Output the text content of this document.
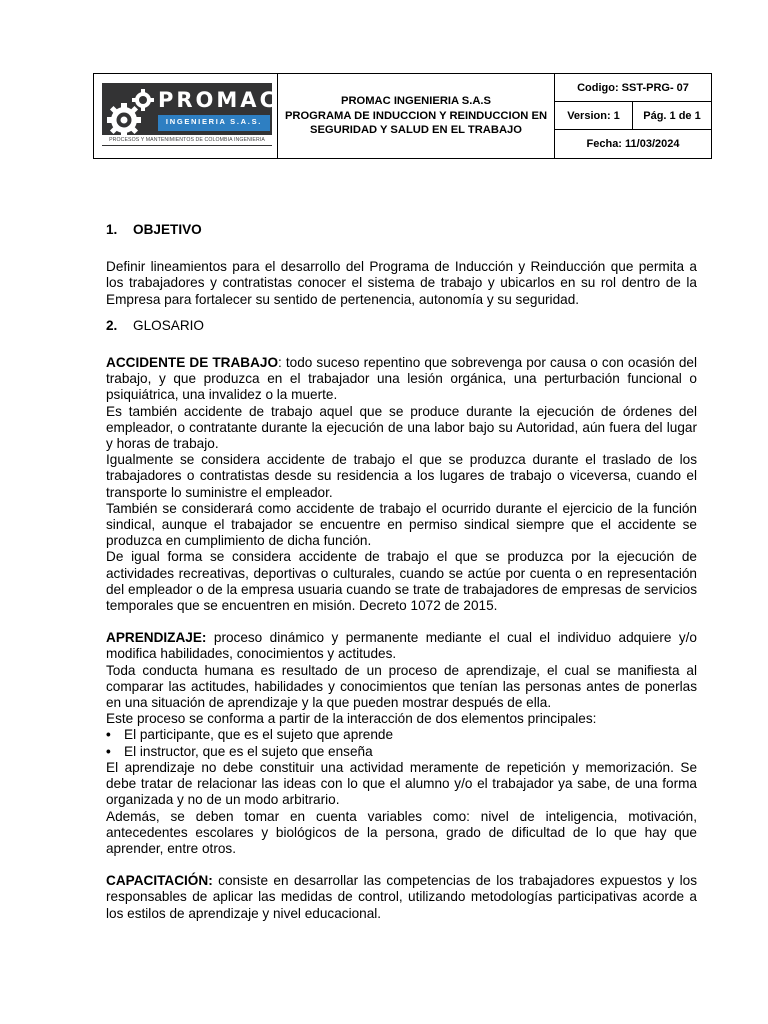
PROMAC
INGENIERIA S.A.S.
PROCESOS Y MANTENIMIENTOS DE COLOMBIA INGENIERIA
PROMAC INGENIERIA S.A.S
PROGRAMA DE INDUCCION Y REINDUCCION EN
SEGURIDAD Y SALUD EN EL TRABAJO
Codigo: SST-PRG- 07
Version: 1	Pág. 1 de 1
Fecha: 11/03/2024
1. OBJETIVO

Definir lineamientos para el desarrollo del Programa de Inducción y Reinducción que permita a los trabajadores y contratistas conocer el sistema de trabajo y ubicarlos en su rol dentro de la Empresa para fortalecer su sentido de pertenencia, autonomía y su seguridad.

2. GLOSARIO

ACCIDENTE DE TRABAJO: todo suceso repentino que sobrevenga por causa o con ocasión del trabajo, y que produzca en el trabajador una lesión orgánica, una perturbación funcional o psiquiátrica, una invalidez o la muerte.

Es también accidente de trabajo aquel que se produce durante la ejecución de órdenes del empleador, o contratante durante la ejecución de una labor bajo su Autoridad, aún fuera del lugar y horas de trabajo.

Igualmente se considera accidente de trabajo el que se produzca durante el traslado de los trabajadores o contratistas desde su residencia a los lugares de trabajo o viceversa, cuando el transporte lo suministre el empleador.

También se considerará como accidente de trabajo el ocurrido durante el ejercicio de la función sindical, aunque el trabajador se encuentre en permiso sindical siempre que el accidente se produzca en cumplimiento de dicha función.

De igual forma se considera accidente de trabajo el que se produzca por la ejecución de actividades recreativas, deportivas o culturales, cuando se actúe por cuenta o en representación del empleador o de la empresa usuaria cuando se trate de trabajadores de empresas de servicios temporales que se encuentren en misión. Decreto 1072 de 2015.

APRENDIZAJE: proceso dinámico y permanente mediante el cual el individuo adquiere y/o modifica habilidades, conocimientos y actitudes.

Toda conducta humana es resultado de un proceso de aprendizaje, el cual se manifiesta al comparar las actitudes, habilidades y conocimientos que tenían las personas antes de ponerlas en una situación de aprendizaje y la que pueden mostrar después de ella.

Este proceso se conforma a partir de la interacción de dos elementos principales:

• El participante, que es el sujeto que aprende
• El instructor, que es el sujeto que enseña

El aprendizaje no debe constituir una actividad meramente de repetición y memorización. Se debe tratar de relacionar las ideas con lo que el alumno y/o el trabajador ya sabe, de una forma organizada y no de un modo arbitrario.

Además, se deben tomar en cuenta variables como: nivel de inteligencia, motivación, antecedentes escolares y biológicos de la persona, grado de dificultad de lo que hay que aprender, entre otros.

CAPACITACIÓN: consiste en desarrollar las competencias de los trabajadores expuestos y los responsables de aplicar las medidas de control, utilizando metodologías participativas acorde a los estilos de aprendizaje y nivel educacional.
